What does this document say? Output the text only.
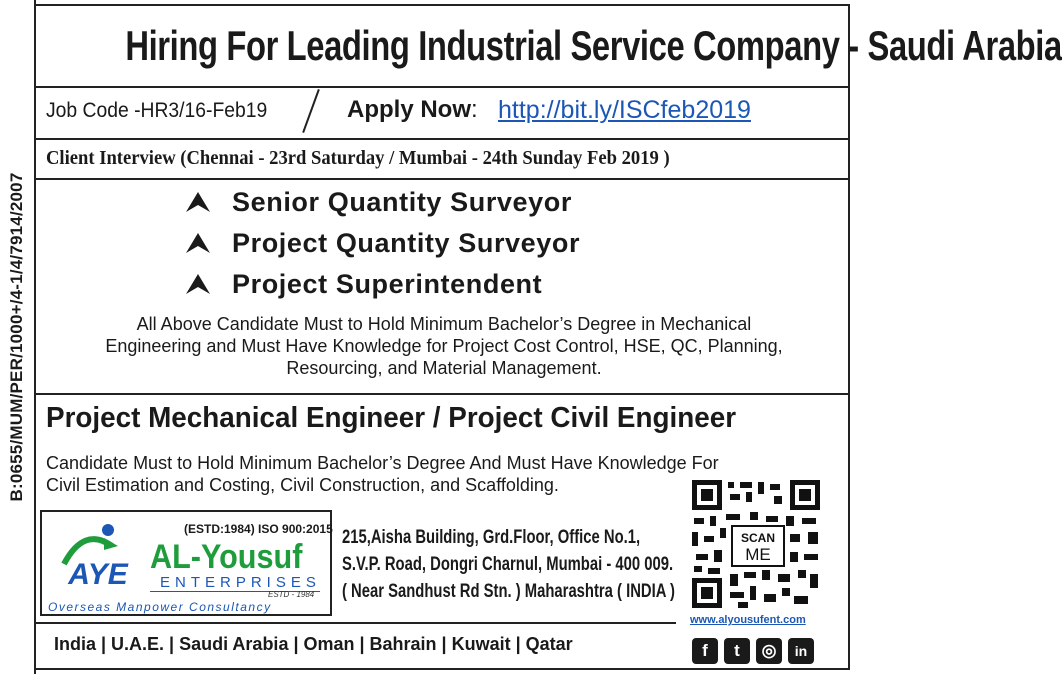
B:0655/MUM/PER/1000+/4-1/4/7914/2007
Hiring For Leading Industrial Service Company - Saudi Arabia
Job Code -HR3/16-Feb19	Apply Now: http://bit.ly/ISCfeb2019
Client Interview (Chennai - 23rd Saturday / Mumbai - 24th Sunday Feb 2019 )
Senior Quantity Surveyor
Project Quantity Surveyor
Project Superintendent
All Above Candidate Must to Hold Minimum Bachelor’s Degree in Mechanical
Engineering and Must Have Knowledge for Project Cost Control, HSE, QC, Planning,
Resourcing, and Material Management.
Project Mechanical Engineer / Project Civil Engineer
Candidate Must to Hold Minimum Bachelor’s Degree And Must Have Knowledge For
Civil Estimation and Costing, Civil Construction, and Scaffolding.
AYE
(ESTD:1984) ISO 900:2015
AL-Yousuf
ENTERPRISES
ESTD - 1984
Overseas Manpower Consultancy
215,Aisha Building, Grd.Floor, Office No.1,
S.V.P. Road, Dongri Charnul, Mumbai - 400 009.
( Near Sandhust Rd Stn. ) Maharashtra ( INDIA )
SCAN
ME
www.alyousufent.com
India | U.A.E. | Saudi Arabia | Oman | Bahrain | Kuwait | Qatar	f	t	◎	in
